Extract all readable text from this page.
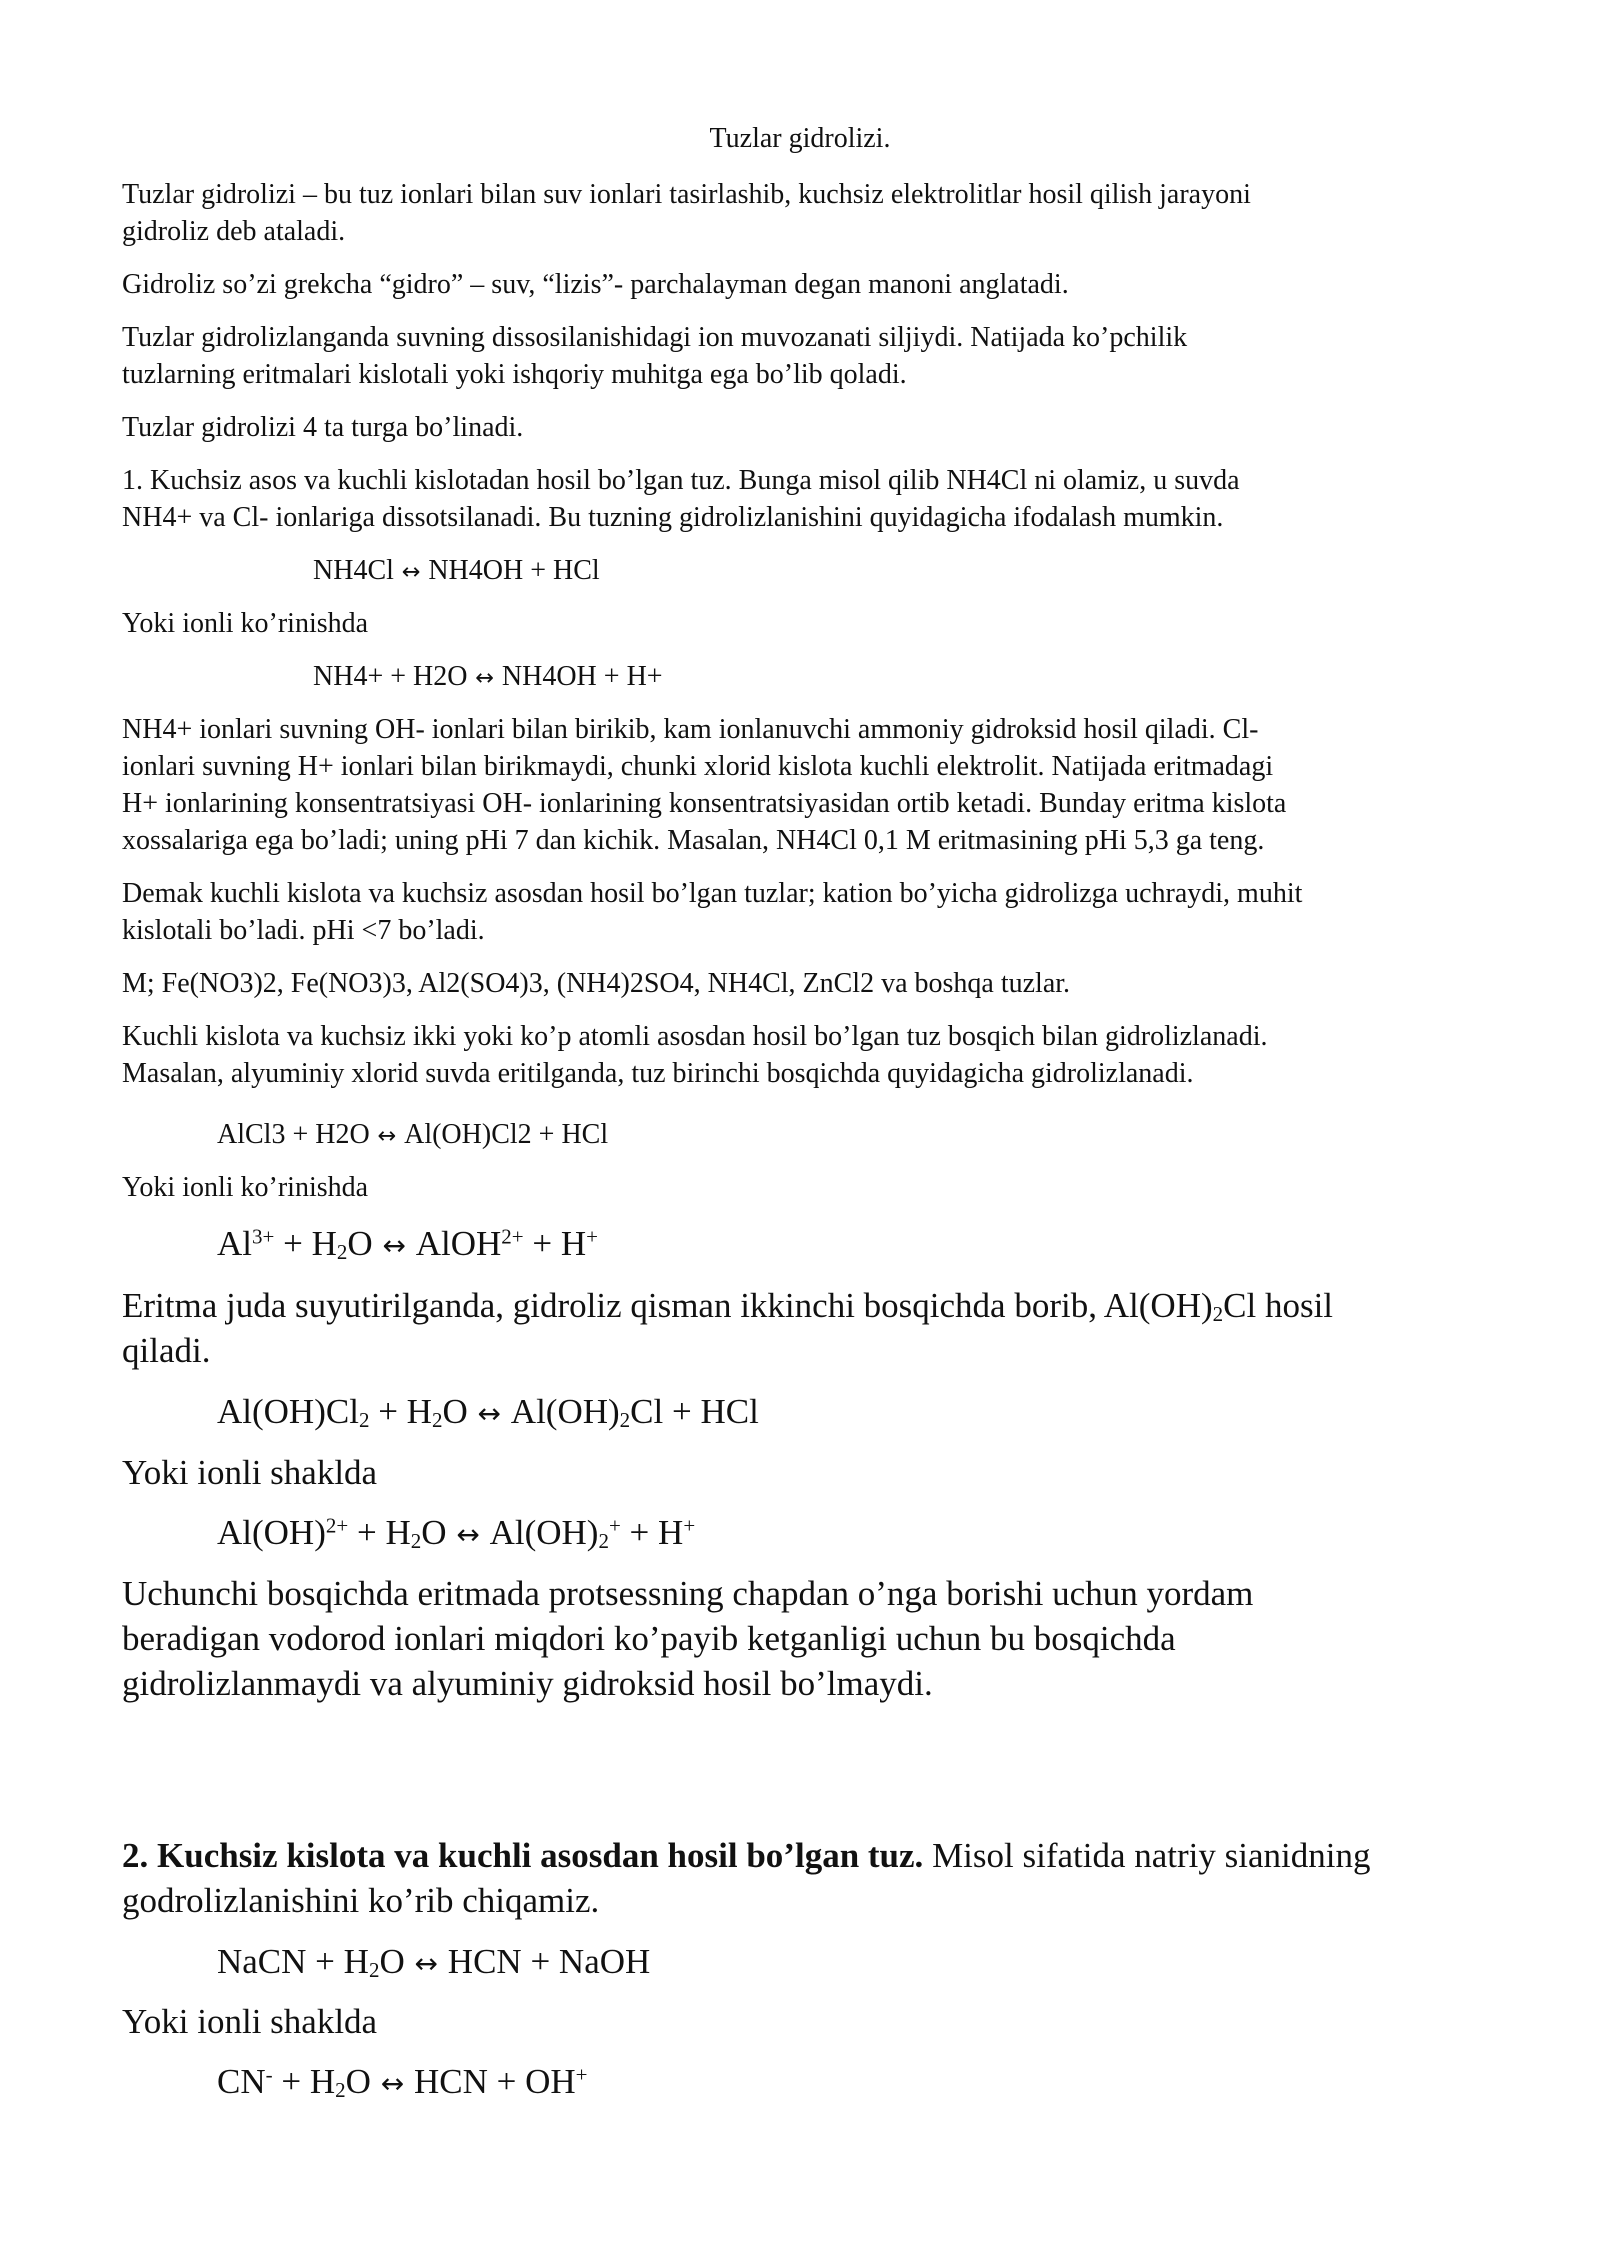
Tuzlar gidrolizi.
Tuzlar gidrolizi – bu tuz ionlari bilan suv ionlari tasirlashib, kuchsiz elektrolitlar hosil qilish jarayoni
gidroliz deb ataladi.
Gidroliz so’zi grekcha “gidro” – suv, “lizis”- parchalayman degan manoni anglatadi.
Tuzlar gidrolizlanganda suvning dissosilanishidagi ion muvozanati siljiydi. Natijada ko’pchilik
tuzlarning eritmalari kislotali yoki ishqoriy muhitga ega bo’lib qoladi.
Tuzlar gidrolizi 4 ta turga bo’linadi.
1. Kuchsiz asos va kuchli kislotadan hosil bo’lgan tuz. Bunga misol qilib NH4Cl ni olamiz, u suvda
NH4+ va Cl- ionlariga dissotsilanadi. Bu tuzning gidrolizlanishini quyidagicha ifodalash mumkin.
NH4Cl ↔ NH4OH + HCl
Yoki ionli ko’rinishda
NH4+ + H2O ↔ NH4OH + H+
NH4+ ionlari suvning OH- ionlari bilan birikib, kam ionlanuvchi ammoniy gidroksid hosil qiladi. Cl-
ionlari suvning H+ ionlari bilan birikmaydi, chunki xlorid kislota kuchli elektrolit. Natijada eritmadagi
H+ ionlarining konsentratsiyasi OH- ionlarining konsentratsiyasidan ortib ketadi. Bunday eritma kislota
xossalariga ega bo’ladi; uning pHi 7 dan kichik. Masalan, NH4Cl 0,1 M eritmasining pHi 5,3 ga teng.
Demak kuchli kislota va kuchsiz asosdan hosil bo’lgan tuzlar; kation bo’yicha gidrolizga uchraydi, muhit
kislotali bo’ladi. pHi <7 bo’ladi.
M; Fe(NO3)2, Fe(NO3)3, Al2(SO4)3, (NH4)2SO4, NH4Cl, ZnCl2 va boshqa tuzlar.
Kuchli kislota va kuchsiz ikki yoki ko’p atomli asosdan hosil bo’lgan tuz bosqich bilan gidrolizlanadi.
Masalan, alyuminiy xlorid suvda eritilganda, tuz birinchi bosqichda quyidagicha gidrolizlanadi.
AlCl3 + H2O ↔ Al(OH)Cl2 + HCl
Yoki ionli ko’rinishda
$Al^{3+} + H_2O$ ↔ AlOH$^{2+}$ + H+
Eritma juda suyutirilganda, gidroliz qisman ikkinchi bosqichda borib, $Al(OH)_2Cl$ hosil
qiladi.
$Al(OH)Cl_2 + H_2O$ ↔ $Al(OH)_2Cl$ + HCl
Yoki ionli shaklda
$Al(OH)^{2+} + H_2O$ ↔ $Al(OH)_2^+ + H^+$
Uchunchi bosqichda eritmada protsessning chapdan o’nga borishi uchun yordam
beradigan vodorod ionlari miqdori ko’payib ketganligi uchun bu bosqichda
gidrolizlanmaydi va alyuminiy gidroksid hosil bo’lmaydi.
2. Kuchsiz kislota va kuchli asosdan hosil bo’lgan tuz. Misol sifatida natriy sianidning
godrolizlanishini ko’rib chiqamiz.
NaCN + $H_2O$ ↔ HCN + NaOH
Yoki ionli shaklda
$CN^- + H_2O$ ↔ HCN + OH+
